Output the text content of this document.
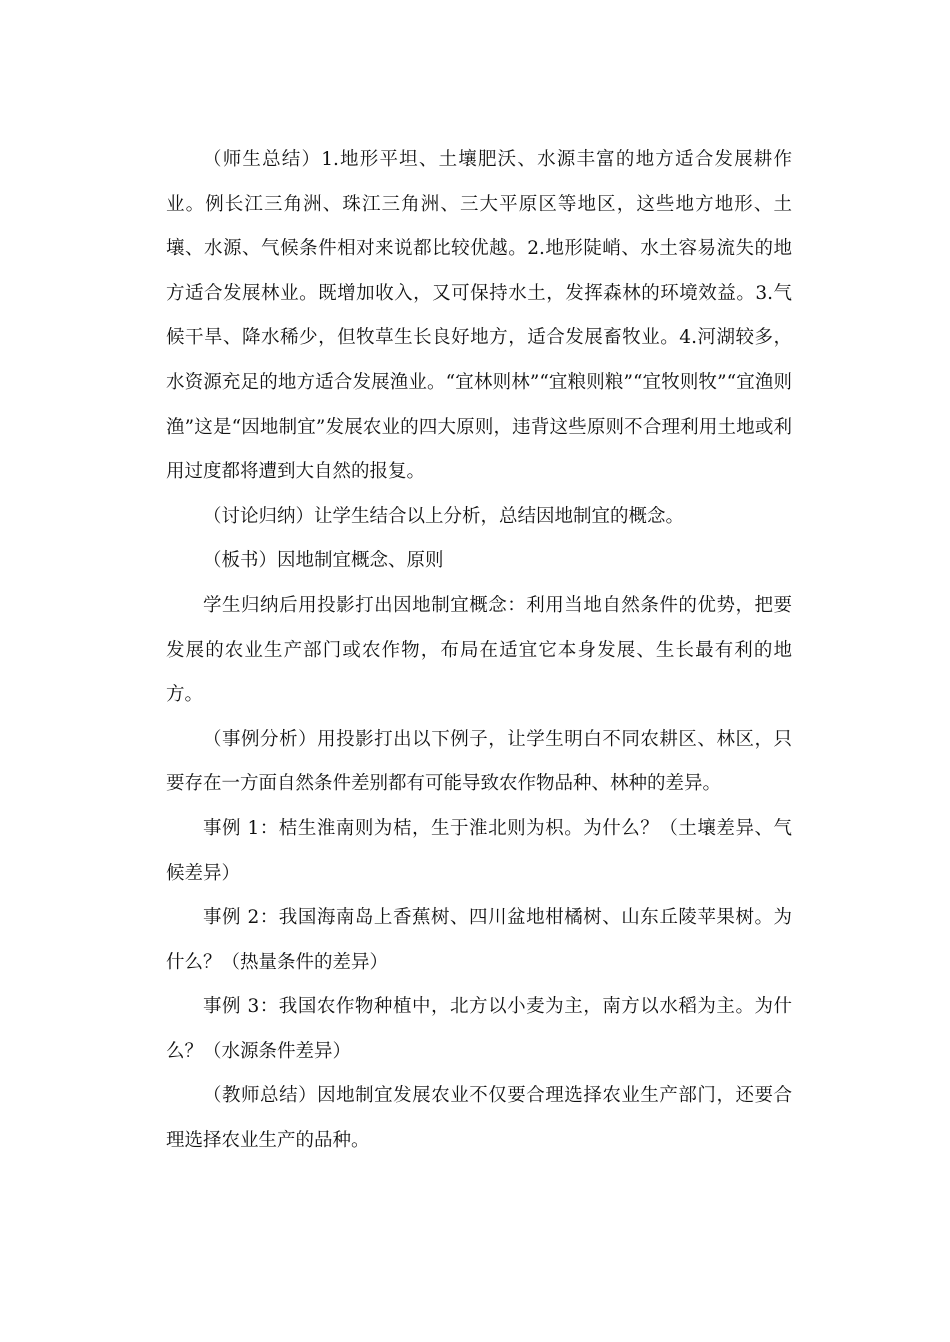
（师生总结）1.地形平坦、土壤肥沃、水源丰富的地方适合发展耕作业。例长江三角洲、珠江三角洲、三大平原区等地区，这些地方地形、土壤、水源、气候条件相对来说都比较优越。2.地形陡峭、水土容易流失的地方适合发展林业。既增加收入，又可保持水土，发挥森林的环境效益。3.气候干旱、降水稀少，但牧草生长良好地方，适合发展畜牧业。4.河湖较多，水资源充足的地方适合发展渔业。“宜林则林”“宜粮则粮”“宜牧则牧”“宜渔则渔”这是“因地制宜”发展农业的四大原则，违背这些原则不合理利用土地或利用过度都将遭到大自然的报复。

（讨论归纳）让学生结合以上分析，总结因地制宜的概念。

（板书）因地制宜概念、原则

学生归纳后用投影打出因地制宜概念：利用当地自然条件的优势，把要发展的农业生产部门或农作物，布局在适宜它本身发展、生长最有利的地方。

（事例分析）用投影打出以下例子，让学生明白不同农耕区、林区，只要存在一方面自然条件差别都有可能导致农作物品种、林种的差异。

事例 1：桔生淮南则为桔，生于淮北则为枳。为什么？（土壤差异、气候差异）

事例 2：我国海南岛上香蕉树、四川盆地柑橘树、山东丘陵苹果树。为什么？（热量条件的差异）

事例 3：我国农作物种植中，北方以小麦为主，南方以水稻为主。为什么？（水源条件差异）

（教师总结）因地制宜发展农业不仅要合理选择农业生产部门，还要合理选择农业生产的品种。
